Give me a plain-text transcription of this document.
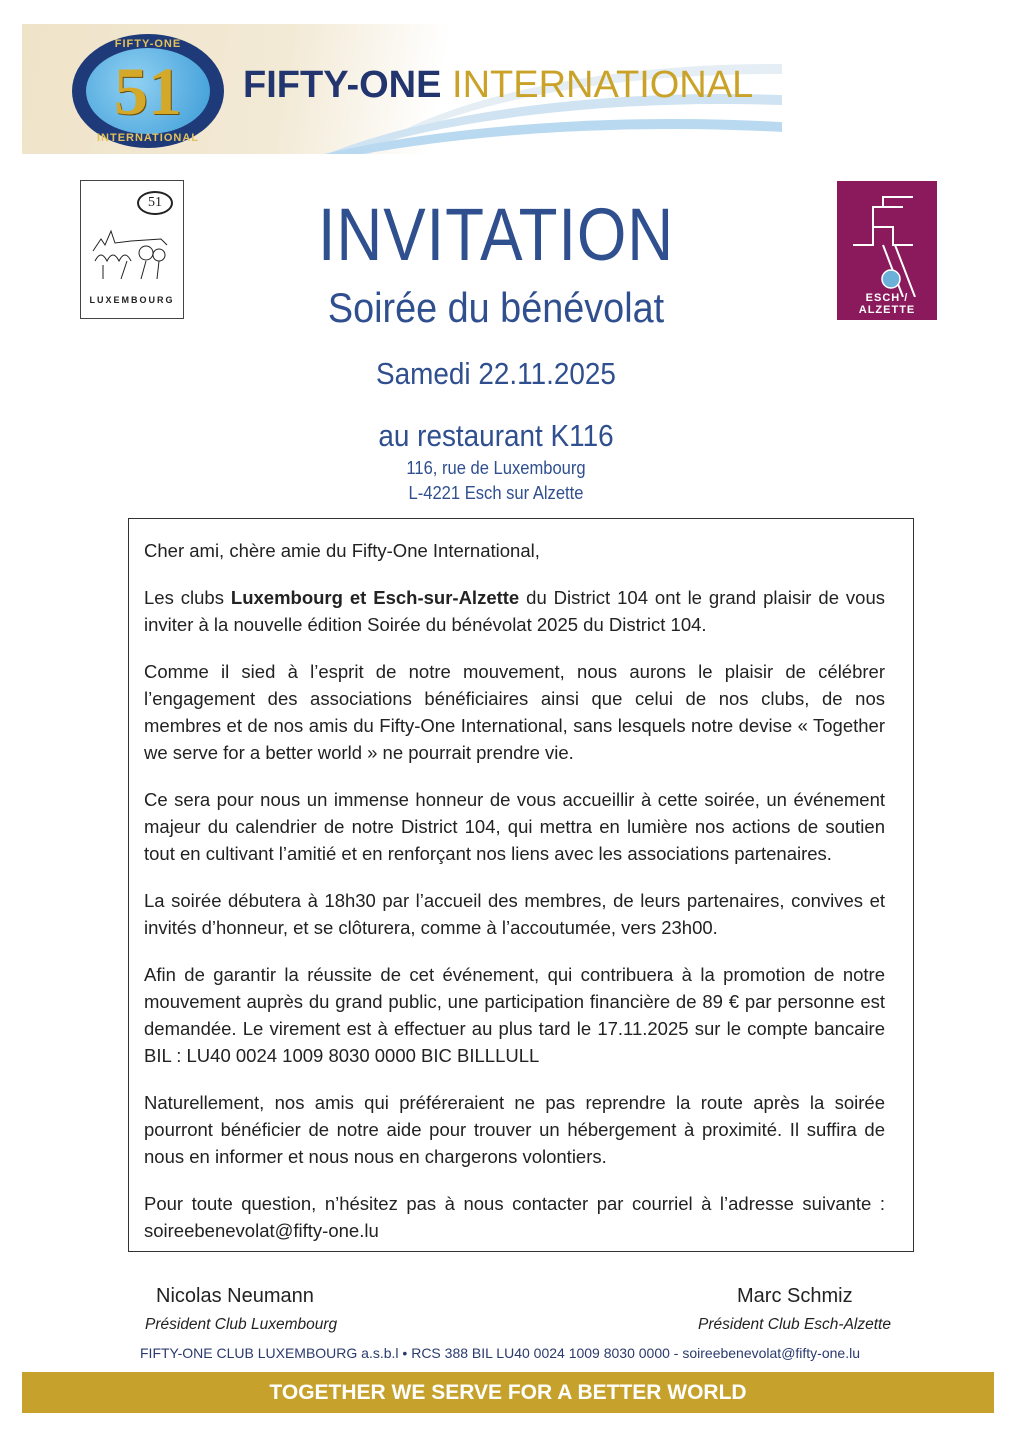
FIFTY-ONE
51
INTERNATIONAL
FIFTY-ONE INTERNATIONAL
51
LUXEMBOURG	ESCH / ALZETTE
INVITATION
Soirée du bénévolat
Samedi 22.11.2025
au restaurant K116
116, rue de Luxembourg
L-4221 Esch sur Alzette

Cher ami, chère amie du Fifty-One International,

Les clubs Luxembourg et Esch-sur-Alzette du District 104 ont le grand plaisir de vous inviter à la nouvelle édition Soirée du bénévolat 2025 du District 104.

Comme il sied à l’esprit de notre mouvement, nous aurons le plaisir de célébrer l’engagement des associations bénéficiaires ainsi que celui de nos clubs, de nos membres et de nos amis du Fifty-One International, sans lesquels notre devise « Together we serve for a better world » ne pourrait prendre vie.

Ce sera pour nous un immense honneur de vous accueillir à cette soirée, un événement majeur du calendrier de notre District 104, qui mettra en lumière nos actions de soutien tout en cultivant l’amitié et en renforçant nos liens avec les associations partenaires.

La soirée débutera à 18h30 par l’accueil des membres, de leurs partenaires, convives et invités d’honneur, et se clôturera, comme à l’accoutumée, vers 23h00.

Afin de garantir la réussite de cet événement, qui contribuera à la promotion de notre mouvement auprès du grand public, une participation financière de 89 € par personne est demandée. Le virement est à effectuer au plus tard le 17.11.2025 sur le compte bancaire BIL : LU40 0024 1009 8030 0000 BIC BILLLULL

Naturellement, nos amis qui préféreraient ne pas reprendre la route après la soirée pourront bénéficier de notre aide pour trouver un hébergement à proximité. Il suffira de nous en informer et nous nous en chargerons volontiers.

Pour toute question, n’hésitez pas à nous contacter par courriel à l’adresse suivante : soireebenevolat@fifty-one.lu

Nicolas Neumann
Président Club Luxembourg
Marc Schmiz
Président Club Esch-Alzette
FIFTY-ONE CLUB LUXEMBOURG a.s.b.l • RCS 388 BIL LU40 0024 1009 8030 0000 - soireebenevolat@fifty-one.lu
TOGETHER WE SERVE FOR A BETTER WORLD
